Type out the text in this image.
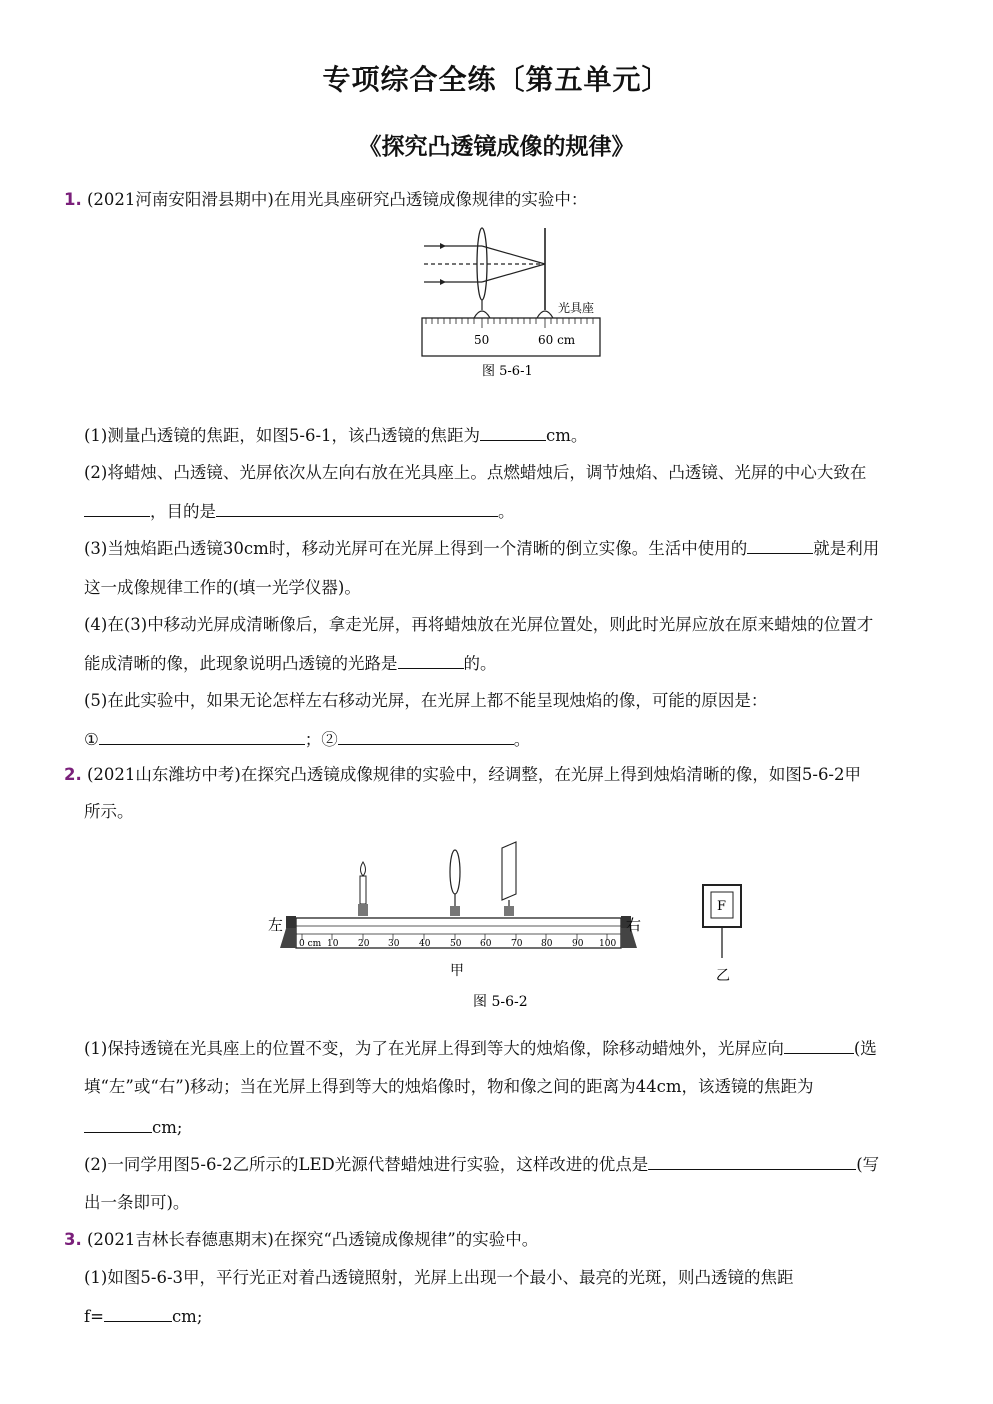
专项综合全练〔第五单元〕
《探究凸透镜成像的规律》
1. (2021河南安阳滑县期中)在用光具座研究凸透镜成像规律的实验中：
光具座
50	60 cm
图 5-6-1
(1)测量凸透镜的焦距，如图5-6-1，该凸透镜的焦距为	cm。
(2)将蜡烛、凸透镜、光屏依次从左向右放在光具座上。点燃蜡烛后，调节烛焰、凸透镜、光屏的中心大致在
，目的是	。
(3)当烛焰距凸透镜30cm时，移动光屏可在光屏上得到一个清晰的倒立实像。生活中使用的	就是利用
这一成像规律工作的(填一光学仪器)。
(4)在(3)中移动光屏成清晰像后，拿走光屏，再将蜡烛放在光屏位置处，则此时光屏应放在原来蜡烛的位置才
能成清晰的像，此现象说明凸透镜的光路是	的。
(5)在此实验中，如果无论怎样左右移动光屏，在光屏上都不能呈现烛焰的像，可能的原因是：
①	；②	。
2. (2021山东潍坊中考)在探究凸透镜成像规律的实验中，经调整，在光屏上得到烛焰清晰的像，如图5-6-2甲
所示。
0 cm 10 20 30 40 50 60 70 80 90 100
左	右
甲
图 5-6-2
F
乙
(1)保持透镜在光具座上的位置不变，为了在光屏上得到等大的烛焰像，除移动蜡烛外，光屏应向	(选
填“左”或“右”)移动；当在光屏上得到等大的烛焰像时，物和像之间的距离为44cm，该透镜的焦距为
cm;
(2)一同学用图5-6-2乙所示的LED光源代替蜡烛进行实验，这样改进的优点是	(写
出一条即可)。
3. (2021吉林长春德惠期末)在探究“凸透镜成像规律”的实验中。
(1)如图5-6-3甲，平行光正对着凸透镜照射，光屏上出现一个最小、最亮的光斑，则凸透镜的焦距
f=	cm;
